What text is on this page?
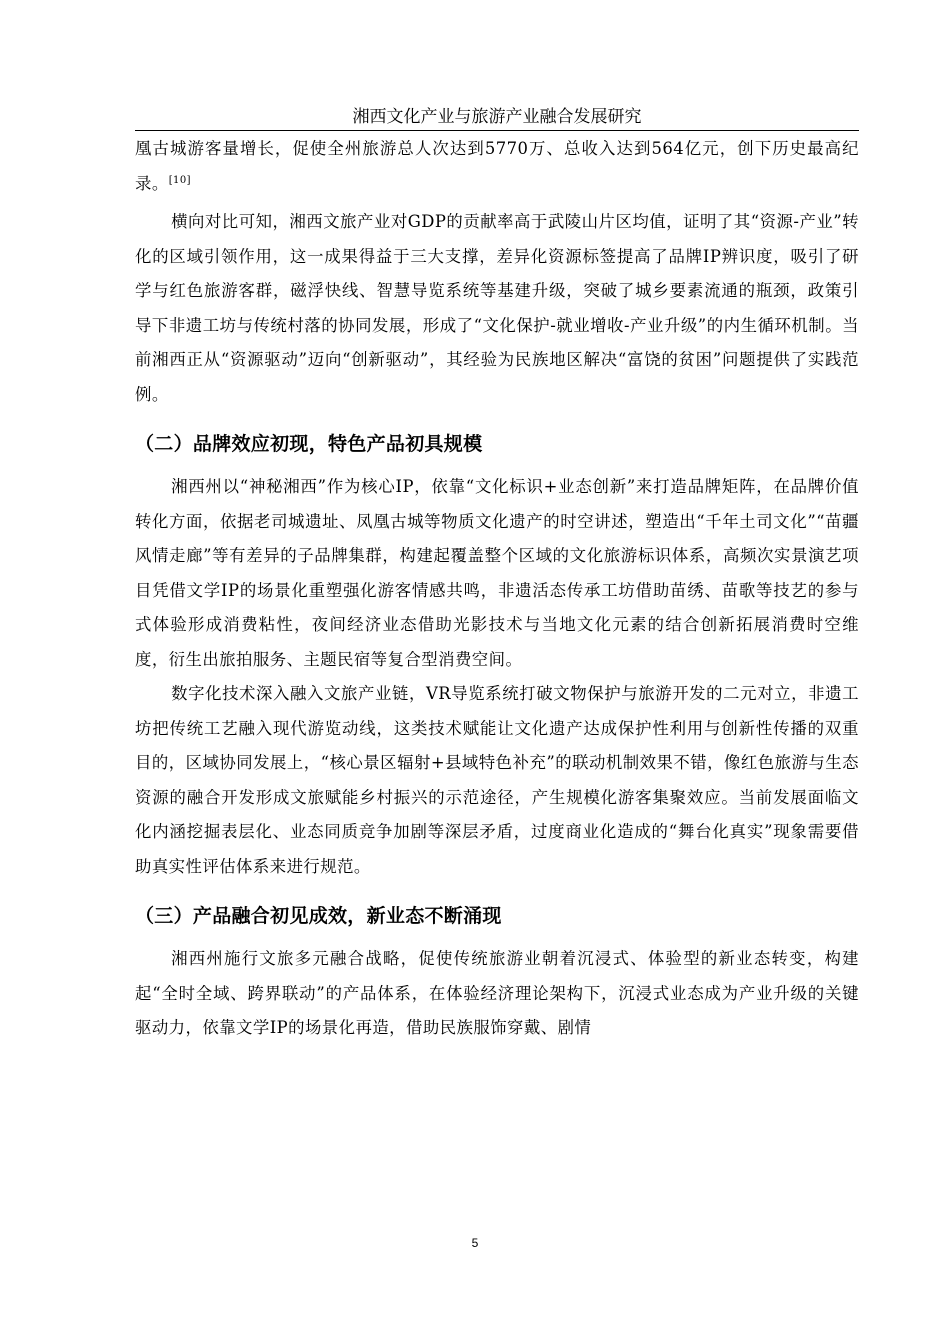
湘西文化产业与旅游产业融合发展研究

凰古城游客量增长，促使全州旅游总人次达到5770万、总收入达到564亿元，创下历史最高纪录。[10]

横向对比可知，湘西文旅产业对GDP的贡献率高于武陵山片区均值，证明了其“资源-产业”转化的区域引领作用，这一成果得益于三大支撑，差异化资源标签提高了品牌IP辨识度，吸引了研学与红色旅游客群，磁浮快线、智慧导览系统等基建升级，突破了城乡要素流通的瓶颈，政策引导下非遗工坊与传统村落的协同发展，形成了“文化保护-就业增收-产业升级”的内生循环机制。当前湘西正从“资源驱动”迈向“创新驱动”，其经验为民族地区解决“富饶的贫困”问题提供了实践范例。

（二）品牌效应初现，特色产品初具规模

湘西州以“神秘湘西”作为核心IP，依靠“文化标识+业态创新”来打造品牌矩阵，在品牌价值转化方面，依据老司城遗址、凤凰古城等物质文化遗产的时空讲述，塑造出“千年土司文化”“苗疆风情走廊”等有差异的子品牌集群，构建起覆盖整个区域的文化旅游标识体系，高频次实景演艺项目凭借文学IP的场景化重塑强化游客情感共鸣，非遗活态传承工坊借助苗绣、苗歌等技艺的参与式体验形成消费粘性，夜间经济业态借助光影技术与当地文化元素的结合创新拓展消费时空维度，衍生出旅拍服务、主题民宿等复合型消费空间。

数字化技术深入融入文旅产业链，VR导览系统打破文物保护与旅游开发的二元对立，非遗工坊把传统工艺融入现代游览动线，这类技术赋能让文化遗产达成保护性利用与创新性传播的双重目的，区域协同发展上，“核心景区辐射+县域特色补充”的联动机制效果不错，像红色旅游与生态资源的融合开发形成文旅赋能乡村振兴的示范途径，产生规模化游客集聚效应。当前发展面临文化内涵挖掘表层化、业态同质竞争加剧等深层矛盾，过度商业化造成的“舞台化真实”现象需要借助真实性评估体系来进行规范。

（三）产品融合初见成效，新业态不断涌现

湘西州施行文旅多元融合战略，促使传统旅游业朝着沉浸式、体验型的新业态转变，构建起“全时全域、跨界联动”的产品体系，在体验经济理论架构下，沉浸式业态成为产业升级的关键驱动力，依靠文学IP的场景化再造，借助民族服饰穿戴、剧情

5
